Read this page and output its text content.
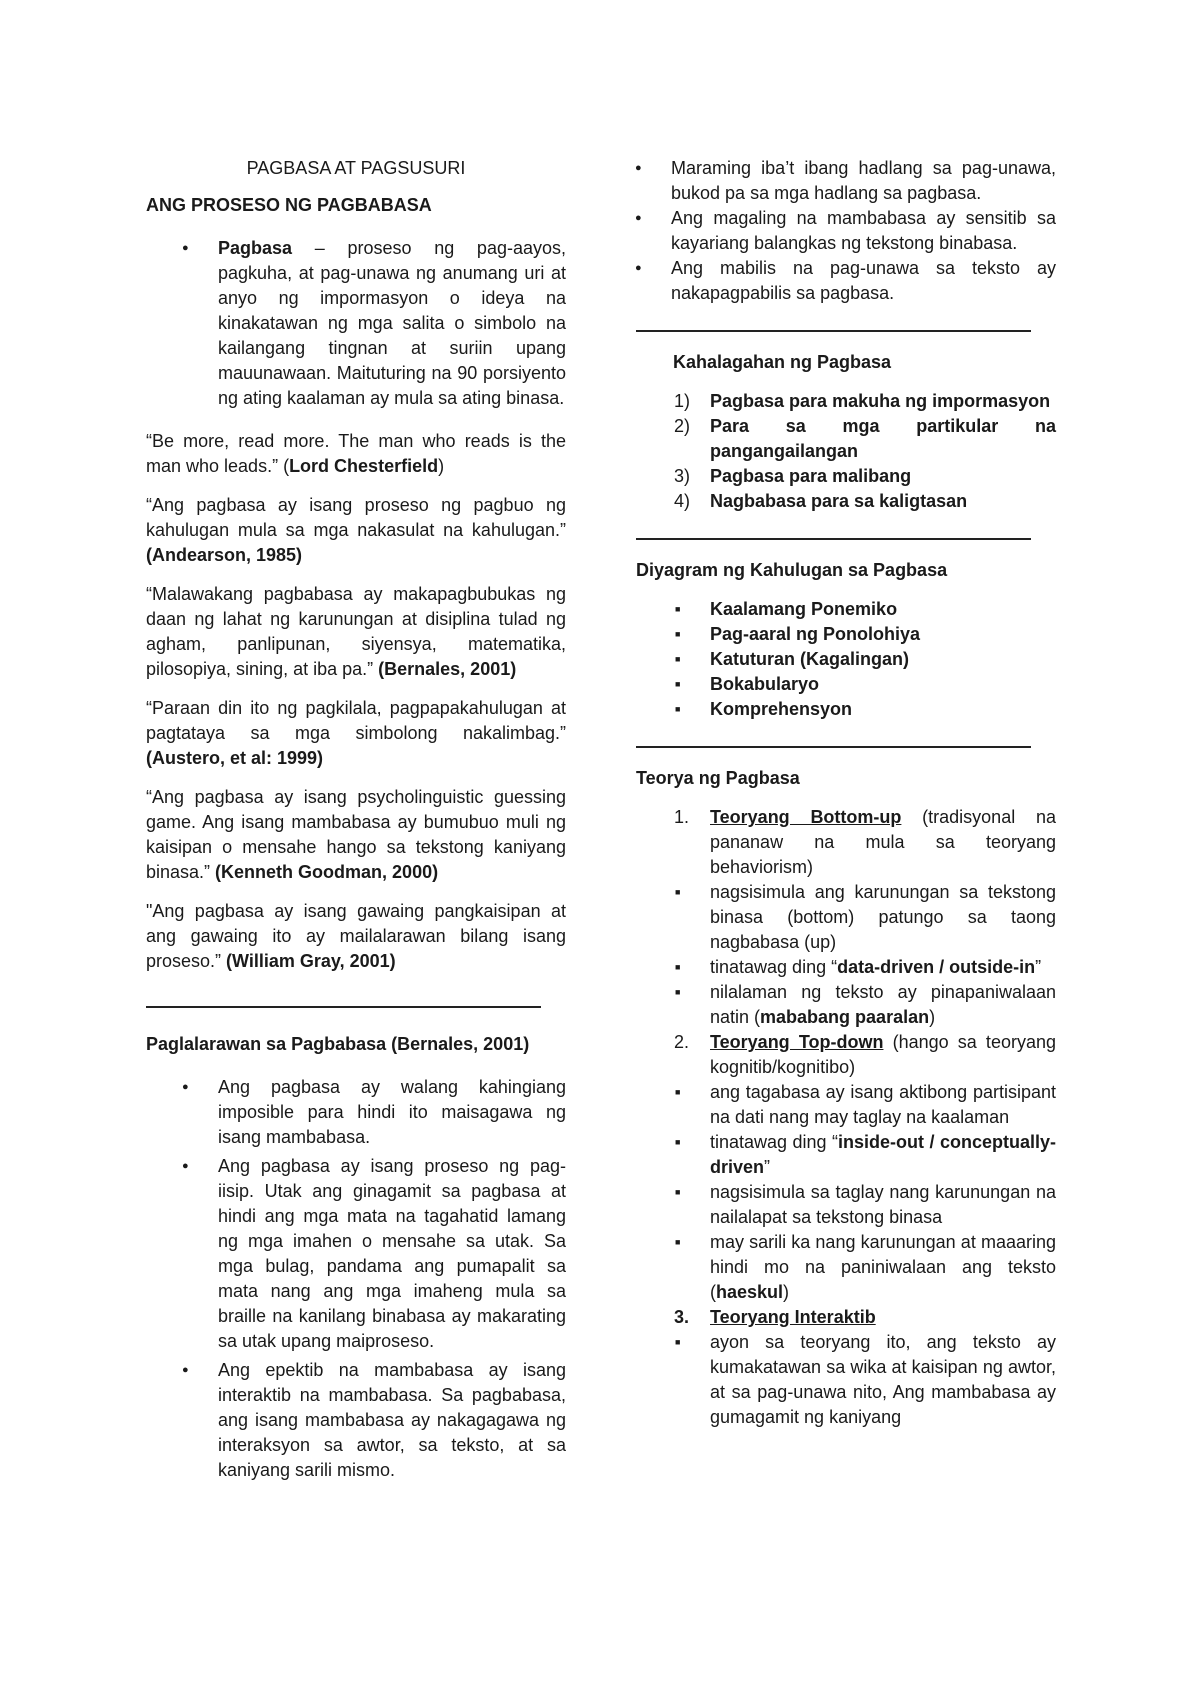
PAGBASA AT PAGSUSURI
ANG PROSESO NG PAGBABASA
● Pagbasa – proseso ng pag-aayos, pagkuha, at pag-unawa ng anumang uri at anyo ng impormasyon o ideya na kinakatawan ng mga salita o simbolo na kailangang tingnan at suriin upang mauunawaan. Maituturing na 90 porsiyento ng ating kaalaman ay mula sa ating binasa.

“Be more, read more. The man who reads is the man who leads.” (Lord Chesterfield)

“Ang pagbasa ay isang proseso ng pagbuo ng kahulugan mula sa mga nakasulat na kahulugan.” (Andearson, 1985)

“Malawakang pagbabasa ay makapagbubukas ng daan ng lahat ng karunungan at disiplina tulad ng agham, panlipunan, siyensya, matematika, pilosopiya, sining, at iba pa.” (Bernales, 2001)

“Paraan din ito ng pagkilala, pagpapakahulugan at pagtataya sa mga simbolong nakalimbag.” (Austero, et al: 1999)

“Ang pagbasa ay isang psycholinguistic guessing game. Ang isang mambabasa ay bumubuo muli ng kaisipan o mensahe hango sa tekstong kaniyang binasa.” (Kenneth Goodman, 2000)

"Ang pagbasa ay isang gawaing pangkaisipan at ang gawaing ito ay mailalarawan bilang isang proseso.” (William Gray, 2001)

Paglalarawan sa Pagbabasa (Bernales, 2001)
● Ang pagbasa ay walang kahingiang imposible para hindi ito maisagawa ng isang mambabasa.
● Ang pagbasa ay isang proseso ng pag-iisip. Utak ang ginagamit sa pagbasa at hindi ang mga mata na tagahatid lamang ng mga imahen o mensahe sa utak. Sa mga bulag, pandama ang pumapalit sa mata nang ang mga imaheng mula sa braille na kanilang binabasa ay makarating sa utak upang maiproseso.
● Ang epektib na mambabasa ay isang interaktib na mambabasa. Sa pagbabasa, ang isang mambabasa ay nakagagawa ng interaksyon sa awtor, sa teksto, at sa kaniyang sarili mismo.
● Maraming iba’t ibang hadlang sa pag-unawa, bukod pa sa mga hadlang sa pagbasa.
● Ang magaling na mambabasa ay sensitib sa kayariang balangkas ng tekstong binabasa.
● Ang mabilis na pag-unawa sa teksto ay nakapagpabilis sa pagbasa.
Kahalagahan ng Pagbasa
1) Pagbasa para makuha ng impormasyon
2) Para sa mga partikular na pangangailangan
3) Pagbasa para malibang
4) Nagbabasa para sa kaligtasan
Diyagram ng Kahulugan sa Pagbasa
■ Kaalamang Ponemiko
■ Pag-aaral ng Ponolohiya
■ Katuturan (Kagalingan)
■ Bokabularyo
■ Komprehensyon
Teorya ng Pagbasa
1. Teoryang Bottom-up (tradisyonal na pananaw na mula sa teoryang behaviorism)
■ nagsisimula ang karunungan sa tekstong binasa (bottom) patungo sa taong nagbabasa (up)
■ tinatawag ding “data-driven / outside-in”
■ nilalaman ng teksto ay pinapaniwalaan natin (mababang paaralan)
2. Teoryang Top-down (hango sa teoryang kognitib/kognitibo)
■ ang tagabasa ay isang aktibong partisipant na dati nang may taglay na kaalaman
■ tinatawag ding “inside-out / conceptually-driven”
■ nagsisimula sa taglay nang karunungan na nailalapat sa tekstong binasa
■ may sarili ka nang karunungan at maaaring hindi mo na paniniwalaan ang teksto (haeskul)
3. Teoryang Interaktib
■ ayon sa teoryang ito, ang teksto ay kumakatawan sa wika at kaisipan ng awtor, at sa pag-unawa nito, Ang mambabasa ay gumagamit ng kaniyang
